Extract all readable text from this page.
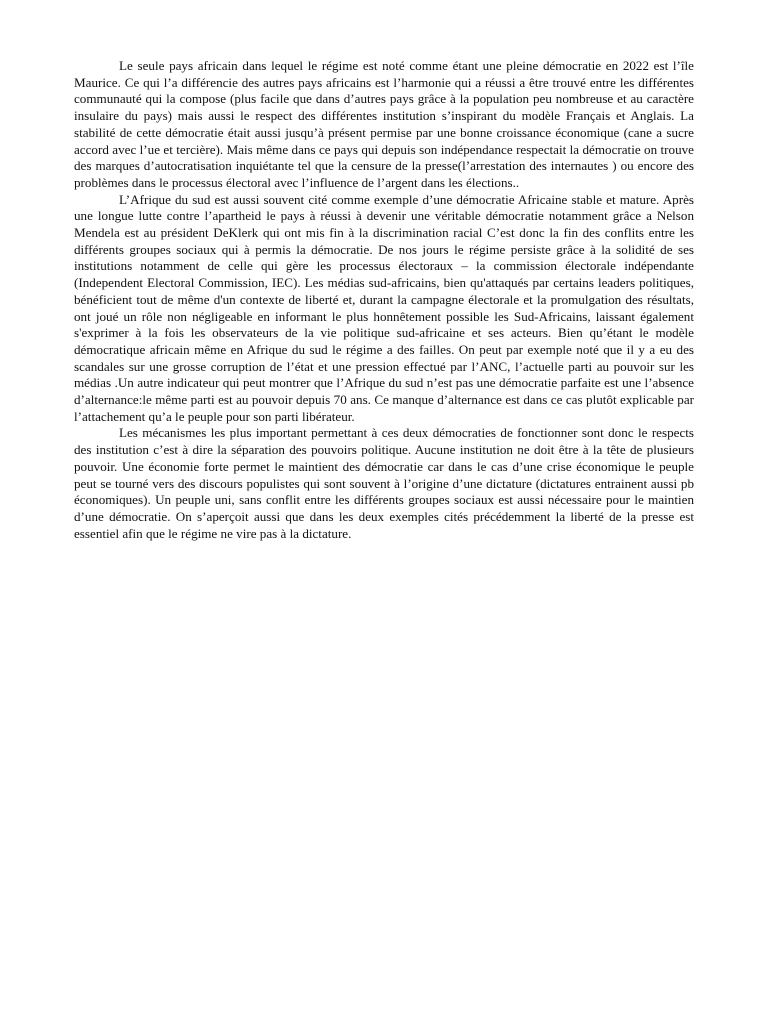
Le seule pays africain dans lequel le régime est noté comme étant une pleine démocratie en 2022 est l’île Maurice. Ce qui l’a différencie des autres pays africains est l’harmonie qui a réussi a être trouvé entre les différentes communauté qui la compose (plus facile que dans d’autres pays grâce à la population peu nombreuse et au caractère insulaire du pays) mais aussi le respect des différentes institution s’inspirant du modèle Français et Anglais. La stabilité de cette démocratie était aussi jusqu’à présent permise par une bonne croissance économique (cane a sucre accord avec l’ue et tercière). Mais même dans ce pays qui depuis son indépendance respectait la démocratie on trouve des marques d’autocratisation inquiétante tel que la censure de la presse(l’arrestation des internautes ) ou encore des problèmes dans le processus électoral avec l’influence de l’argent dans les élections..

L’Afrique du sud est aussi souvent cité comme exemple d’une démocratie Africaine stable et mature. Après une longue lutte contre l’apartheid le pays à réussi à devenir une véritable démocratie notamment grâce a Nelson Mendela est au président DeKlerk qui ont mis fin à la discrimination racial C’est donc la fin des conflits entre les différents groupes sociaux qui à permis la démocratie. De nos jours le régime persiste grâce à la solidité de ses institutions notamment de celle qui gère les processus électoraux – la commission électorale indépendante (Independent Electoral Commission, IEC). Les médias sud-africains, bien qu'attaqués par certains leaders politiques, bénéficient tout de même d'un contexte de liberté et, durant la campagne électorale et la promulgation des résultats, ont joué un rôle non négligeable en informant le plus honnêtement possible les Sud-Africains, laissant également s'exprimer à la fois les observateurs de la vie politique sud-africaine et ses acteurs. Bien qu’étant le modèle démocratique africain même en Afrique du sud le régime a des failles. On peut par exemple noté que il y a eu des scandales sur une grosse corruption de l’état et une pression effectué par l’ANC, l’actuelle parti au pouvoir sur les médias .Un autre indicateur qui peut montrer que l’Afrique du sud n’est pas une démocratie parfaite est une l’absence d’alternance:le même parti est au pouvoir depuis 70 ans. Ce manque d’alternance est dans ce cas plutôt explicable par l’attachement qu’a le peuple pour son parti libérateur.

Les mécanismes les plus important permettant à ces deux démocraties de fonctionner sont donc le respects des institution c’est à dire la séparation des pouvoirs politique. Aucune institution ne doit être à la tête de plusieurs pouvoir. Une économie forte permet le maintient des démocratie car dans le cas d’une crise économique le peuple peut se tourné vers des discours populistes qui sont souvent à l’origine d’une dictature (dictatures entrainent aussi pb économiques). Un peuple uni, sans conflit entre les différents groupes sociaux est aussi nécessaire pour le maintien d’une démocratie. On s’aperçoit aussi que dans les deux exemples cités précédemment la liberté de la presse est essentiel afin que le régime ne vire pas à la dictature.
